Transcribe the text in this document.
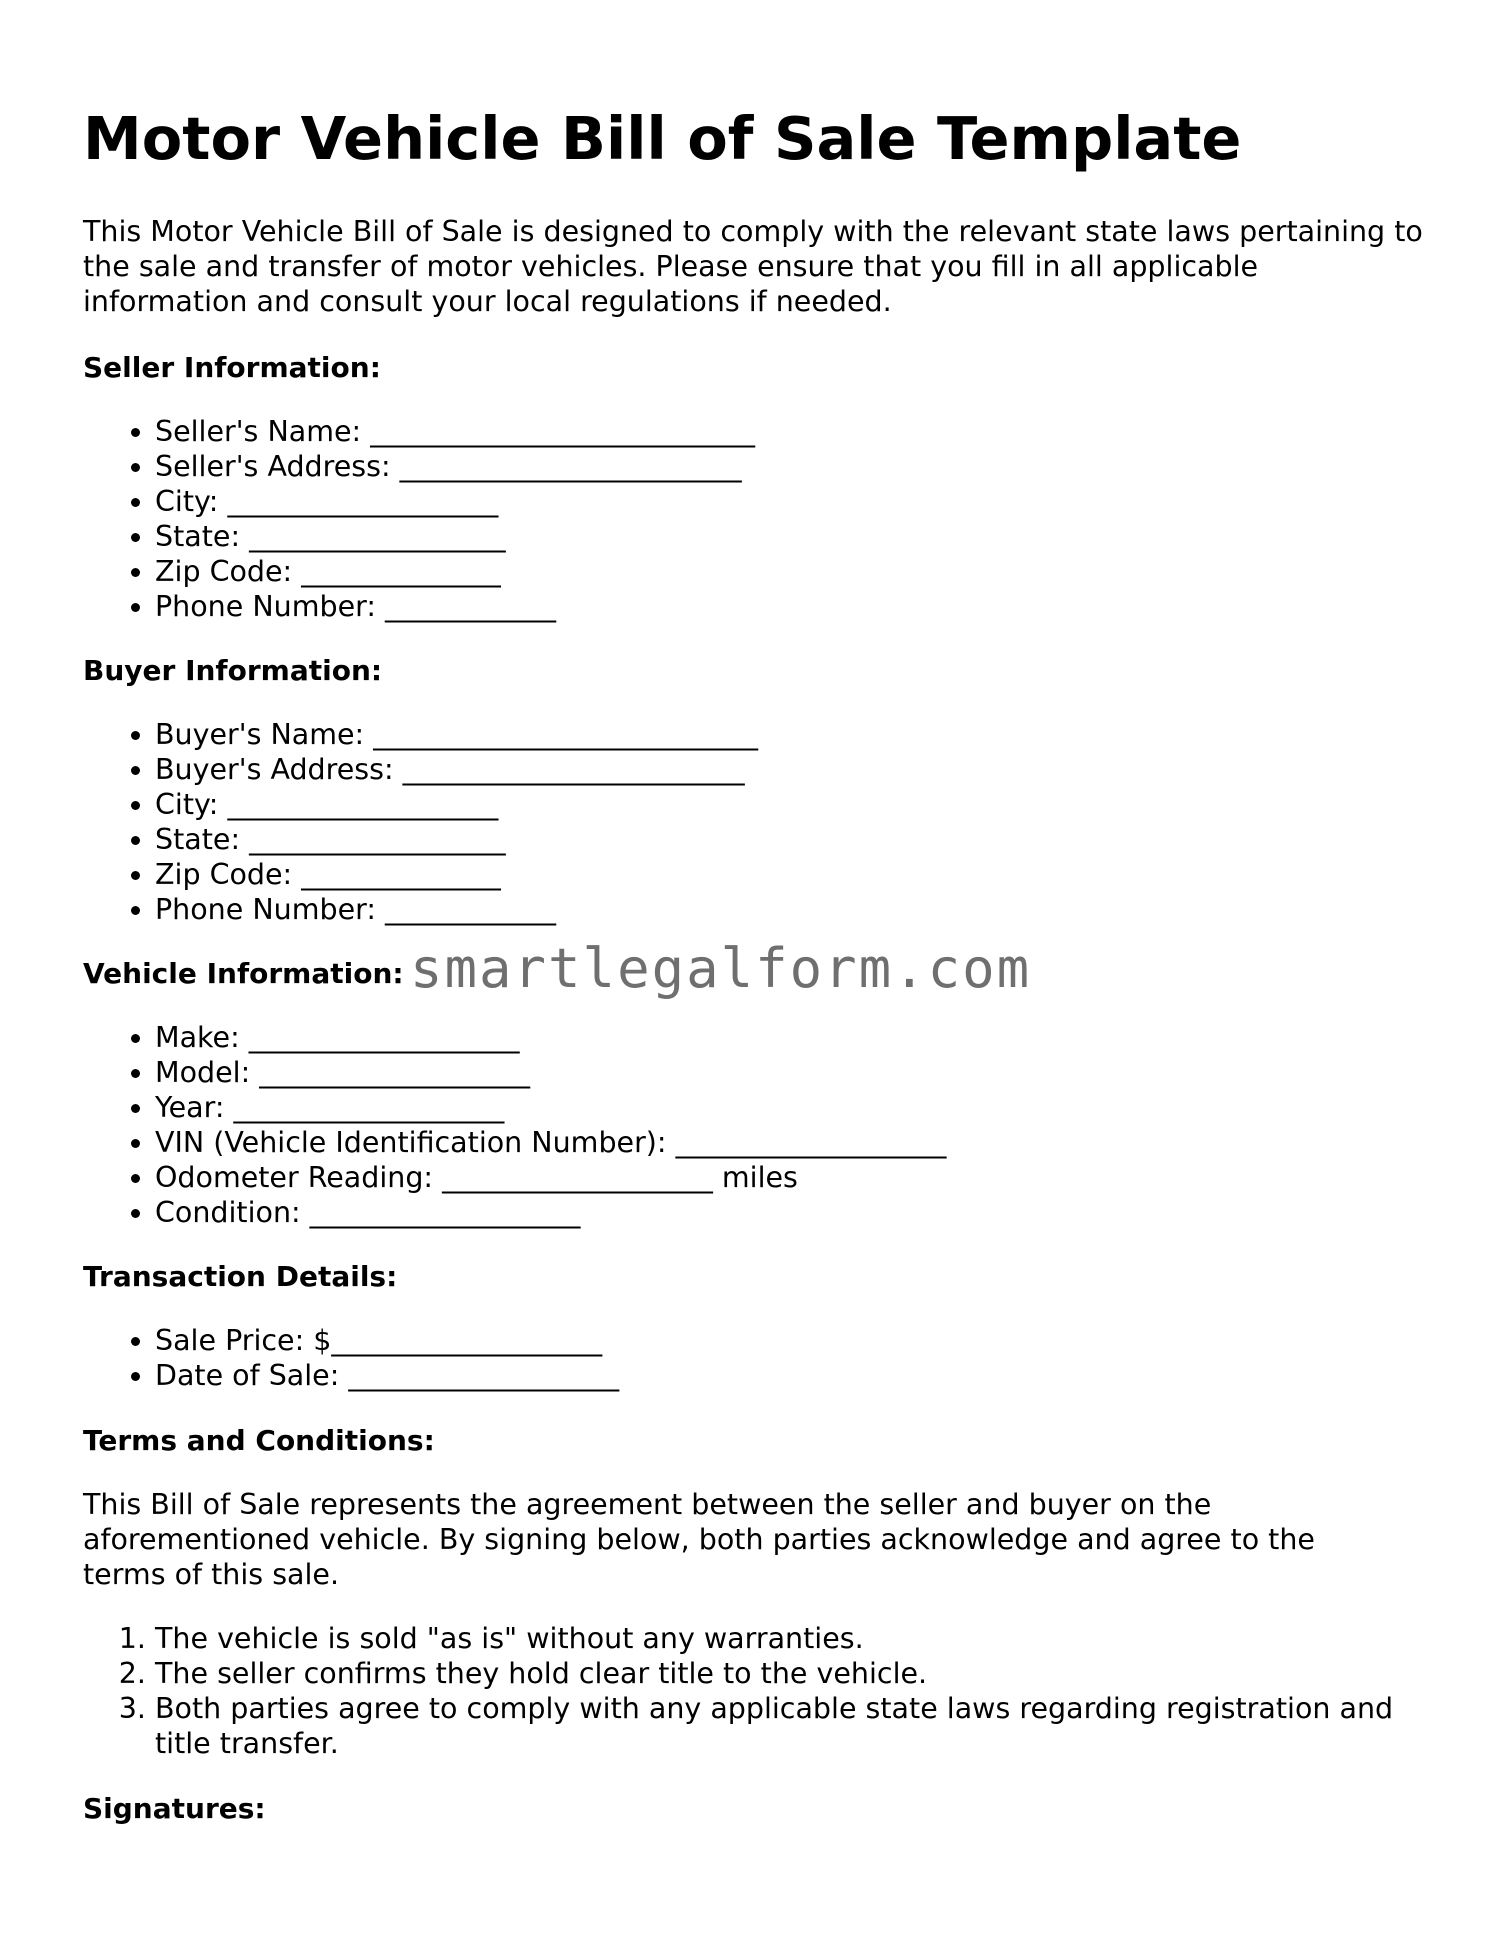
Motor Vehicle Bill of Sale Template

This Motor Vehicle Bill of Sale is designed to comply with the relevant state laws pertaining to the sale and transfer of motor vehicles. Please ensure that you fill in all applicable information and consult your local regulations if needed.

Seller Information:
• Seller's Name: ___________________________
• Seller's Address: ________________________
• City: ___________________
• State: __________________
• Zip Code: ______________
• Phone Number: ____________
Buyer Information:
• Buyer's Name: ___________________________
• Buyer's Address: ________________________
• City: ___________________
• State: __________________
• Zip Code: ______________
• Phone Number: ____________
Vehicle Information:
• Make: ___________________
• Model: ___________________
• Year: ___________________
• VIN (Vehicle Identification Number): ___________________
• Odometer Reading: ___________________ miles
• Condition: ___________________
Transaction Details:
• Sale Price: $___________________
• Date of Sale: ___________________
Terms and Conditions:

This Bill of Sale represents the agreement between the seller and buyer on the aforementioned vehicle. By signing below, both parties acknowledge and agree to the terms of this sale.

1. The vehicle is sold "as is" without any warranties.
2. The seller confirms they hold clear title to the vehicle.
3. Both parties agree to comply with any applicable state laws regarding registration and title transfer.
Signatures:
smartlegalform.com
